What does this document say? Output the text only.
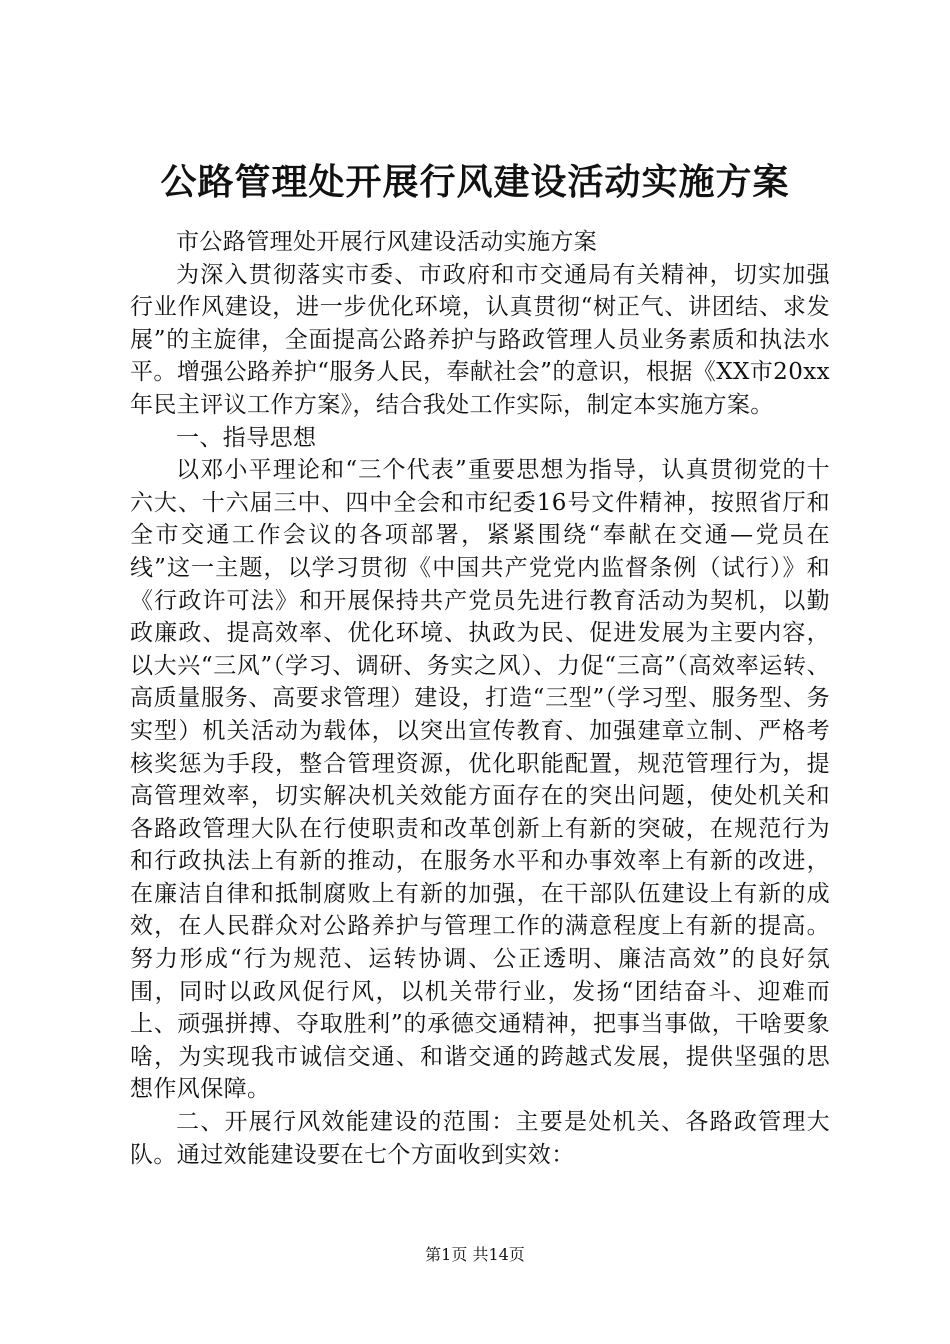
公路管理处开展行风建设活动实施方案

市公路管理处开展行风建设活动实施方案

为深入贯彻落实市委、市政府和市交通局有关精神，切实加强行业作风建设，进一步优化环境，认真贯彻“树正气、讲团结、求发展”的主旋律，全面提高公路养护与路政管理人员业务素质和执法水平。增强公路养护“服务人民，奉献社会”的意识，根据《XX市20xx年民主评议工作方案》，结合我处工作实际，制定本实施方案。

一、指导思想

以邓小平理论和“三个代表”重要思想为指导，认真贯彻党的十六大、十六届三中、四中全会和市纪委16号文件精神，按照省厅和全市交通工作会议的各项部署，紧紧围绕“奉献在交通—党员在线”这一主题，以学习贯彻《中国共产党党内监督条例（试行）》和《行政许可法》和开展保持共产党员先进行教育活动为契机，以勤政廉政、提高效率、优化环境、执政为民、促进发展为主要内容，以大兴“三风”（学习、调研、务实之风）、力促“三高”（高效率运转、高质量服务、高要求管理）建设，打造“三型”（学习型、服务型、务实型）机关活动为载体，以突出宣传教育、加强建章立制、严格考核奖惩为手段，整合管理资源，优化职能配置，规范管理行为，提高管理效率，切实解决机关效能方面存在的突出问题，使处机关和各路政管理大队在行使职责和改革创新上有新的突破，在规范行为和行政执法上有新的推动，在服务水平和办事效率上有新的改进，在廉洁自律和抵制腐败上有新的加强，在干部队伍建设上有新的成效，在人民群众对公路养护与管理工作的满意程度上有新的提高。努力形成“行为规范、运转协调、公正透明、廉洁高效”的良好氛围，同时以政风促行风，以机关带行业，发扬“团结奋斗、迎难而上、顽强拼搏、夺取胜利”的承德交通精神，把事当事做，干啥要象啥，为实现我市诚信交通、和谐交通的跨越式发展，提供坚强的思想作风保障。

二、开展行风效能建设的范围：主要是处机关、各路政管理大队。通过效能建设要在七个方面收到实效：

第1页 共14页
